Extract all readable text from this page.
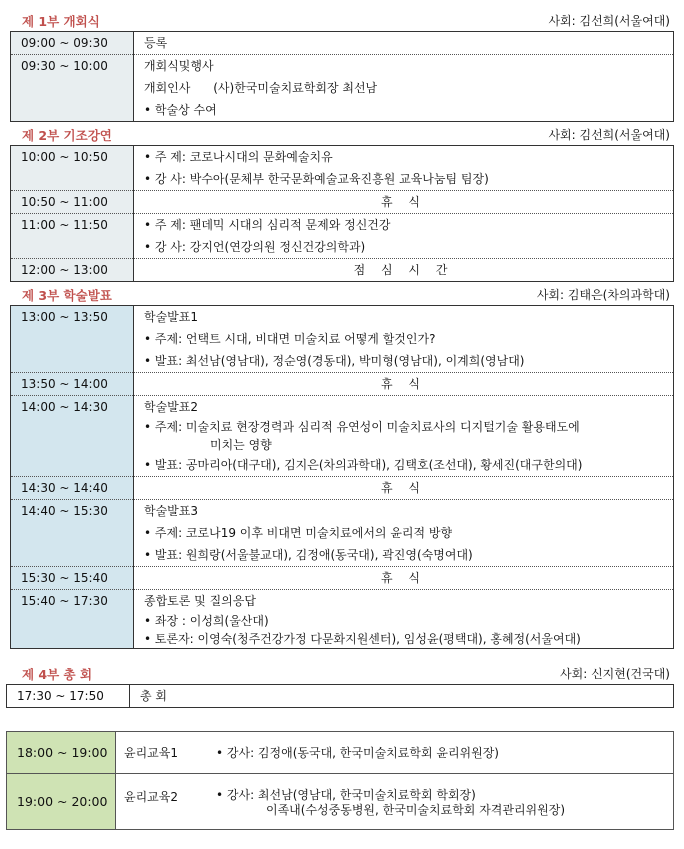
제 1부 개회식	사회: 김선희(서울여대)
09:00 ~ 09:30	등록

09:30 ~ 10:00	개회식및행사
개회인사      (사)한국미술치료학회장 최선남
• 학술상 수여
제 2부 기조강연	사회: 김선희(서울여대)
10:00 ~ 10:50	• 주 제: 코로나시대의 문화예술치유
• 강 사: 박수아(문체부 한국문화예술교육진흥원 교육나눔팀 팀장)

10:50 ~ 11:00	휴 식

11:00 ~ 11:50	• 주 제: 팬데믹 시대의 심리적 문제와 정신건강
• 강 사: 강지언(연강의원 정신건강의학과)

12:00 ~ 13:00	점 심 시 간
제 3부 학술발표	사회: 김태은(차의과학대)
13:00 ~ 13:50	학술발표1
• 주제: 언택트 시대, 비대면 미술치료 어떻게 할것인가?
• 발표: 최선남(영남대), 정순영(경동대), 박미형(영남대), 이계희(영남대)

13:50 ~ 14:00	휴 식

14:00 ~ 14:30	학술발표2
• 주제: 미술치료 현장경력과 심리적 유연성이 미술치료사의 디지털기술 활용태도에
미치는 영향
• 발표: 공마리아(대구대), 김지은(차의과학대), 김택호(조선대), 황세진(대구한의대)

14:30 ~ 14:40	휴 식

14:40 ~ 15:30	학술발표3
• 주제: 코로나19 이후 비대면 미술치료에서의 윤리적 방향
• 발표: 원희랑(서울불교대), 김정애(동국대), 곽진영(숙명여대)

15:30 ~ 15:40	휴 식

15:40 ~ 17:30	종합토론 및 질의응답
• 좌장 : 이성희(울산대)
• 토론자: 이영숙(청주건강가정 다문화지원센터), 임성윤(평택대), 홍혜정(서울여대)
제 4부 총 회	사회: 신지현(건국대)
17:30 ~ 17:50	총 회
18:00 ~ 19:00	윤리교육1	• 강사: 김정애(동국대, 한국미술치료학회 윤리위원장)
19:00 ~ 20:00	윤리교육2	• 강사: 최선남(영남대, 한국미술치료학회 학회장)
이족내(수성중동병원, 한국미술치료학회 자격관리위원장)
